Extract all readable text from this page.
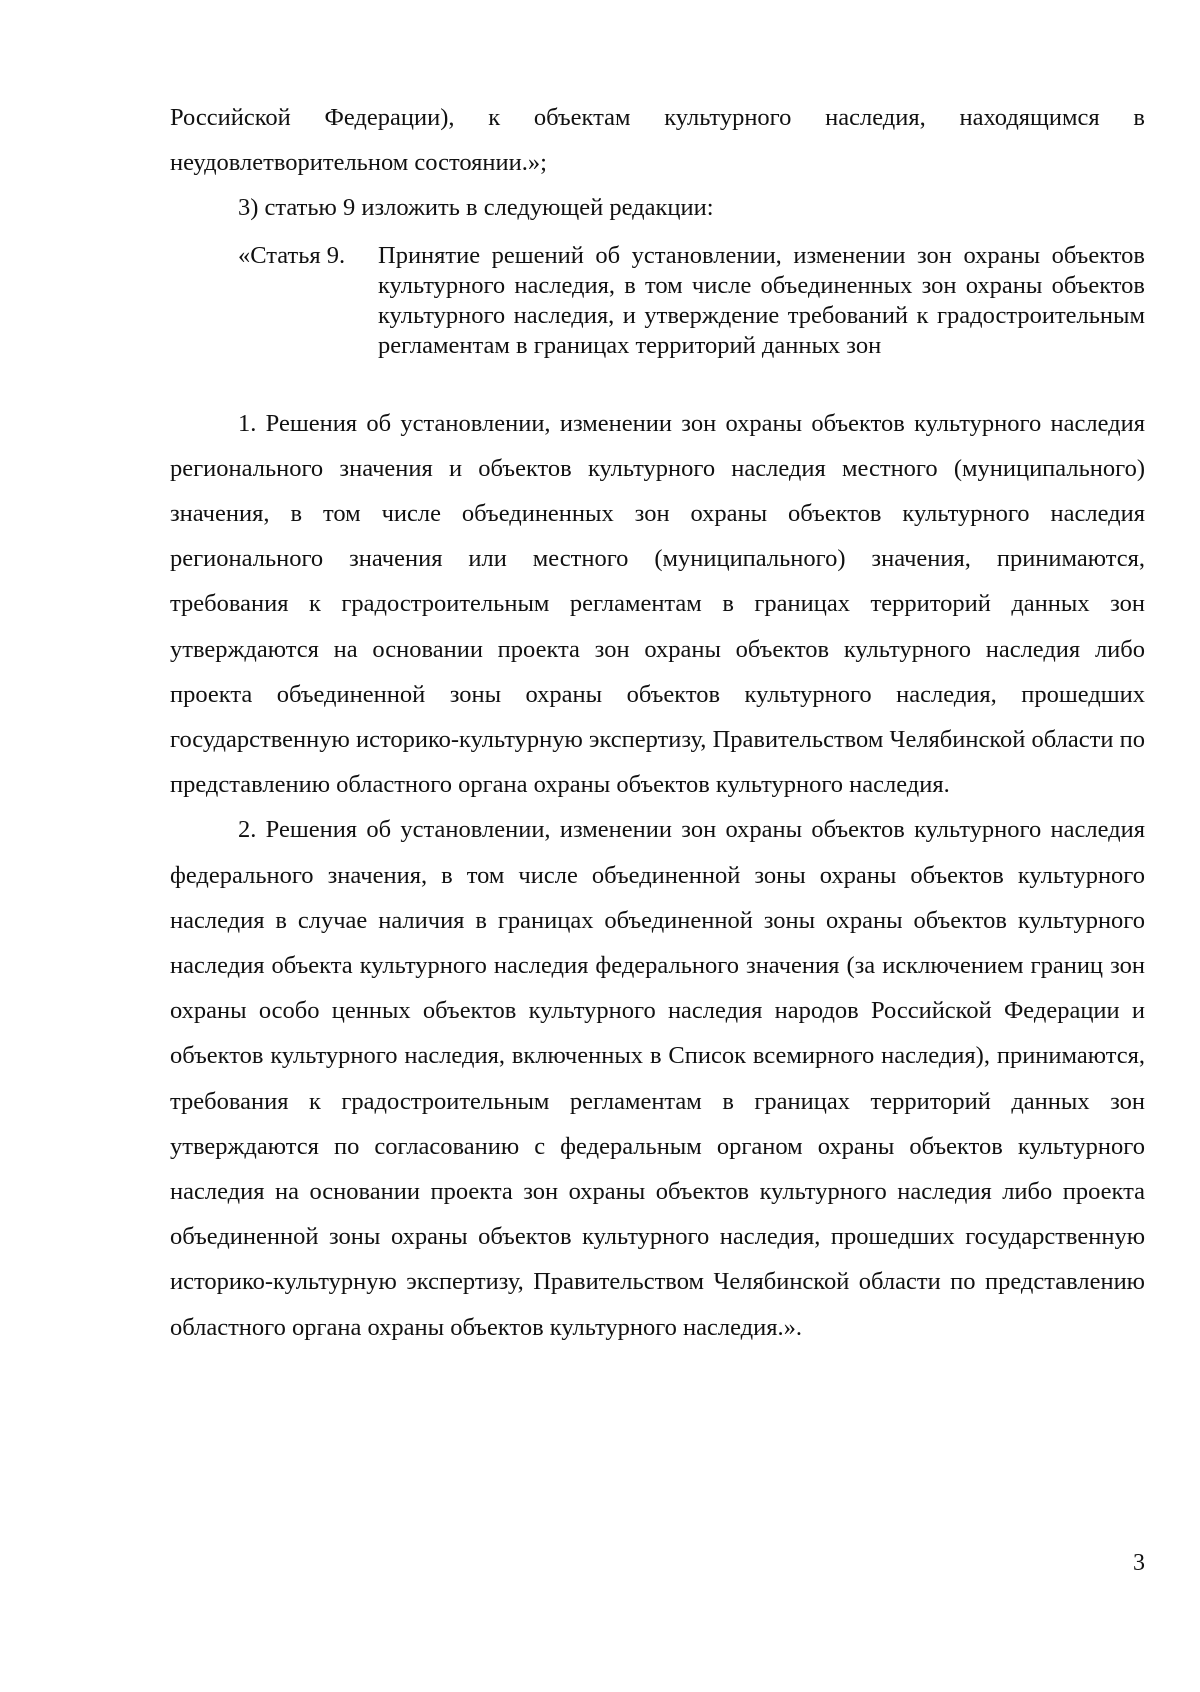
Российской Федерации), к объектам культурного наследия, находящимся в неудовлетворительном состоянии.»;

3) статью 9 изложить в следующей редакции:

«Статья 9.	Принятие решений об установлении, изменении зон охраны объектов культурного наследия, в том числе объединенных зон охраны объектов культурного наследия, и утверждение требований к градостроительным регламентам в границах территорий данных зон

1. Решения об установлении, изменении зон охраны объектов культурного наследия регионального значения и объектов культурного наследия местного (муниципального) значения, в том числе объединенных зон охраны объектов культурного наследия регионального значения или местного (муниципального) значения, принимаются, требования к градостроительным регламентам в границах территорий данных зон утверждаются на основании проекта зон охраны объектов культурного наследия либо проекта объединенной зоны охраны объектов культурного наследия, прошедших государственную историко-культурную экспертизу, Правительством Челябинской области по представлению областного органа охраны объектов культурного наследия.

2. Решения об установлении, изменении зон охраны объектов культурного наследия федерального значения, в том числе объединенной зоны охраны объектов культурного наследия в случае наличия в границах объединенной зоны охраны объектов культурного наследия объекта культурного наследия федерального значения (за исключением границ зон охраны особо ценных объектов культурного наследия народов Российской Федерации и объектов культурного наследия, включенных в Список всемирного наследия), принимаются, требования к градостроительным регламентам в границах территорий данных зон утверждаются по согласованию с федеральным органом охраны объектов культурного наследия на основании проекта зон охраны объектов культурного наследия либо проекта объединенной зоны охраны объектов культурного наследия, прошедших государственную историко-культурную экспертизу, Правительством Челябинской области по представлению областного органа охраны объектов культурного наследия.».

3
